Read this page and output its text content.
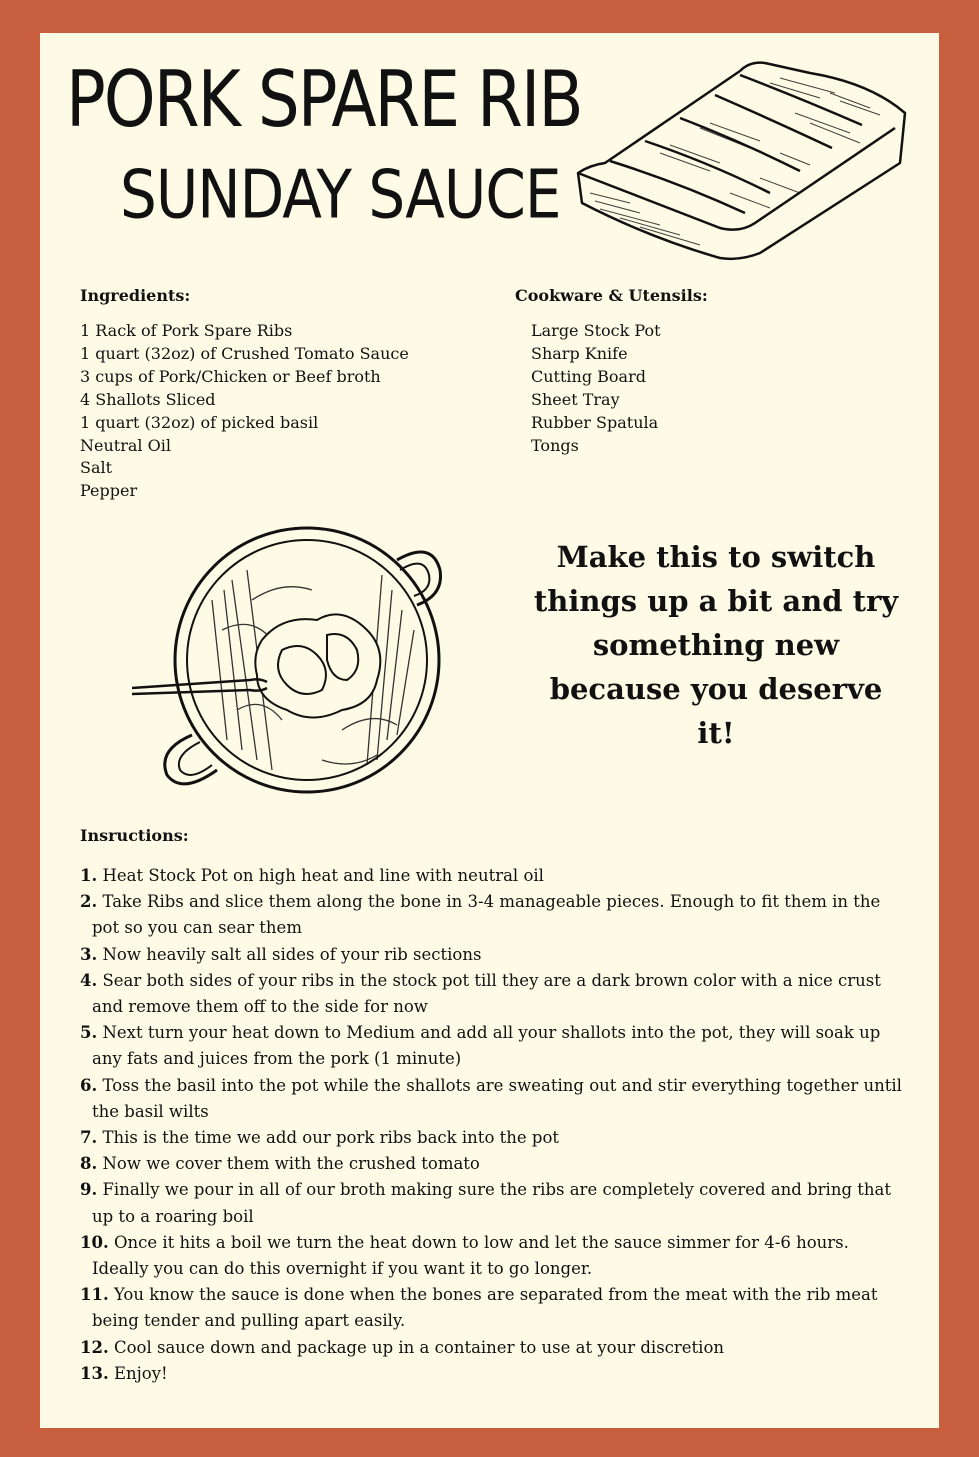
PORK SPARE RIB
SUNDAY SAUCE
Ingredients:
1 Rack of Pork Spare Ribs
1 quart (32oz) of Crushed Tomato Sauce
3 cups of Pork/Chicken or Beef broth
4 Shallots Sliced
1 quart (32oz) of picked basil
Neutral Oil
Salt
Pepper
Cookware & Utensils:
Large Stock Pot
Sharp Knife
Cutting Board
Sheet Tray
Rubber Spatula
Tongs
Make this to switch things up a bit and try something new because you deserve it!
Insructions:
1. Heat Stock Pot on high heat and line with neutral oil
2. Take Ribs and slice them along the bone in 3-4 manageable pieces. Enough to fit them in the pot so you can sear them
3. Now heavily salt all sides of your rib sections
4. Sear both sides of your ribs in the stock pot till they are a dark brown color with a nice crust and remove them off to the side for now
5. Next turn your heat down to Medium and add all your shallots into the pot, they will soak up any fats and juices from the pork (1 minute)
6. Toss the basil into the pot while the shallots are sweating out and stir everything together until the basil wilts
7. This is the time we add our pork ribs back into the pot
8. Now we cover them with the crushed tomato
9. Finally we pour in all of our broth making sure the ribs are completely covered and bring that up to a roaring boil
10. Once it hits a boil we turn the heat down to low and let the sauce simmer for 4-6 hours. Ideally you can do this overnight if you want it to go longer.
11. You know the sauce is done when the bones are separated from the meat with the rib meat being tender and pulling apart easily.
12. Cool sauce down and package up in a container to use at your discretion
13. Enjoy!
